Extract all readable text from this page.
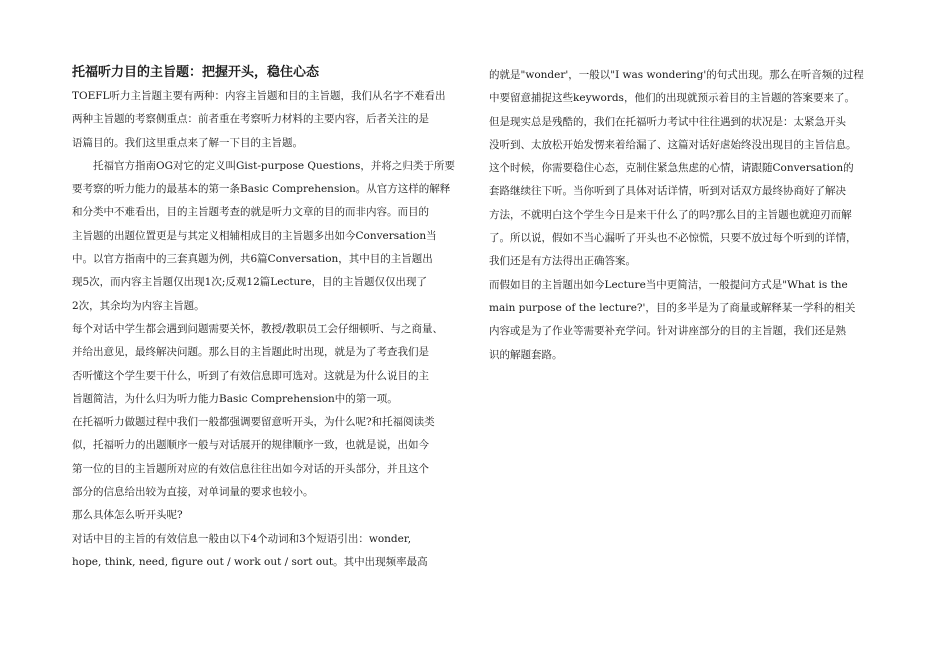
托福听力目的主旨题：把握开头，稳住心态
TOEFL听力主旨题主要有两种：内容主旨题和目的主旨题，我们从名字不难看出
两种主旨题的考察侧重点：前者重在考察听力材料的主要内容，后者关注的是
语篇目的。我们这里重点来了解一下目的主旨题。
托福官方指南OG对它的定义叫Gist-purpose Questions，并将之归类于所要
要考察的听力能力的最基本的第一条Basic Comprehension。从官方这样的解释
和分类中不难看出，目的主旨题考查的就是听力文章的目的而非内容。而目的
主旨题的出题位置更是与其定义相辅相成目的主旨题多出如今Conversation当
中。以官方指南中的三套真题为例，共6篇Conversation，其中目的主旨题出
现5次，而内容主旨题仅出现1次;反观12篇Lecture，目的主旨题仅仅出现了
2次，其余均为内容主旨题。
每个对话中学生都会遇到问题需要关怀，教授/教职员工会仔细顿听、与之商量、
并给出意见，最终解决问题。那么目的主旨题此时出现，就是为了考查我们是
否听懂这个学生要干什么，听到了有效信息即可选对。这就是为什么说目的主
旨题简洁，为什么归为听力能力Basic Comprehension中的第一项。
在托福听力做题过程中我们一般都强调要留意听开头，为什么呢?和托福阅读类
似，托福听力的出题顺序一般与对话展开的规律顺序一致，也就是说，出如今
第一位的目的主旨题所对应的有效信息往往出如今对话的开头部分，并且这个
部分的信息给出较为直接，对单词量的要求也较小。
那么具体怎么听开头呢?
对话中目的主旨的有效信息一般由以下4个动词和3个短语引出：wonder,
hope, think, need, figure out / work out / sort out。其中出现频率最高
的就是"wonder'，一般以"I was wondering'的句式出现。那么在听音频的过程
中要留意捕捉这些keywords，他们的出现就预示着目的主旨题的答案要来了。
但是现实总是残酷的，我们在托福听力考试中往往遇到的状况是：太紧急开头
没听到、太放松开始发愣来着给漏了、这篇对话好虐始终没出现目的主旨信息。
这个时候，你需要稳住心态，克制住紧急焦虑的心情，请跟随Conversation的
套路继续往下听。当你听到了具体对话详情，听到对话双方最终协商好了解决
方法，不就明白这个学生今日是来干什么了的吗?那么目的主旨题也就迎刃而解
了。所以说，假如不当心漏听了开头也不必惊慌，只要不放过每个听到的详情，
我们还是有方法得出正确答案。
而假如目的主旨题出如今Lecture当中更简洁，一般提问方式是"What is the
main purpose of the lecture?'，目的多半是为了商量或解释某一学科的相关
内容或是为了作业等需要补充学问。针对讲座部分的目的主旨题，我们还是熟
识的解题套路。
